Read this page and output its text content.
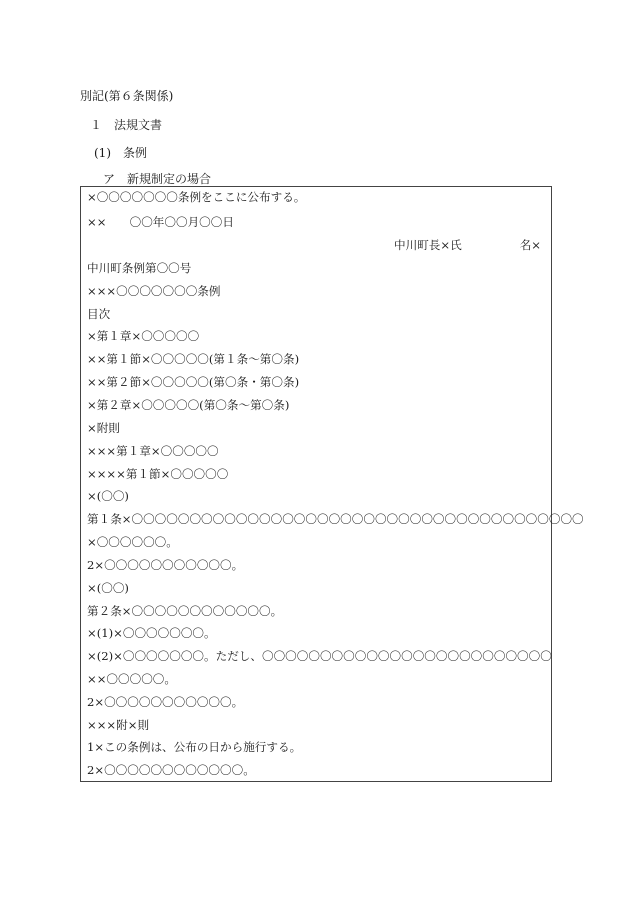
別記(第６条関係)
１　法規文書
(1)　条例
ア　新規制定の場合
×〇〇〇〇〇〇〇条例をここに公布する。
××　　〇〇年〇〇月〇〇日
中川町長×氏	名×
中川町条例第〇〇号
×××〇〇〇〇〇〇〇条例
目次
×第１章×〇〇〇〇〇
××第１節×〇〇〇〇〇(第１条〜第〇条)
××第２節×〇〇〇〇〇(第〇条・第〇条)
×第２章×〇〇〇〇〇(第〇条〜第〇条)
×附則
×××第１章×〇〇〇〇〇
××××第１節×〇〇〇〇〇
×(〇〇)
第１条×〇〇〇〇〇〇〇〇〇〇〇〇〇〇〇〇〇〇〇〇〇〇〇〇〇〇〇〇〇〇〇〇〇〇〇〇〇〇〇
×〇〇〇〇〇〇。
2×〇〇〇〇〇〇〇〇〇〇〇。
×(〇〇)
第２条×〇〇〇〇〇〇〇〇〇〇〇〇。
×(1)×〇〇〇〇〇〇〇。
×(2)×〇〇〇〇〇〇〇。ただし、〇〇〇〇〇〇〇〇〇〇〇〇〇〇〇〇〇〇〇〇〇〇〇〇〇
××〇〇〇〇〇。
2×〇〇〇〇〇〇〇〇〇〇〇。
×××附×則
1×この条例は、公布の日から施行する。
2×〇〇〇〇〇〇〇〇〇〇〇〇。
